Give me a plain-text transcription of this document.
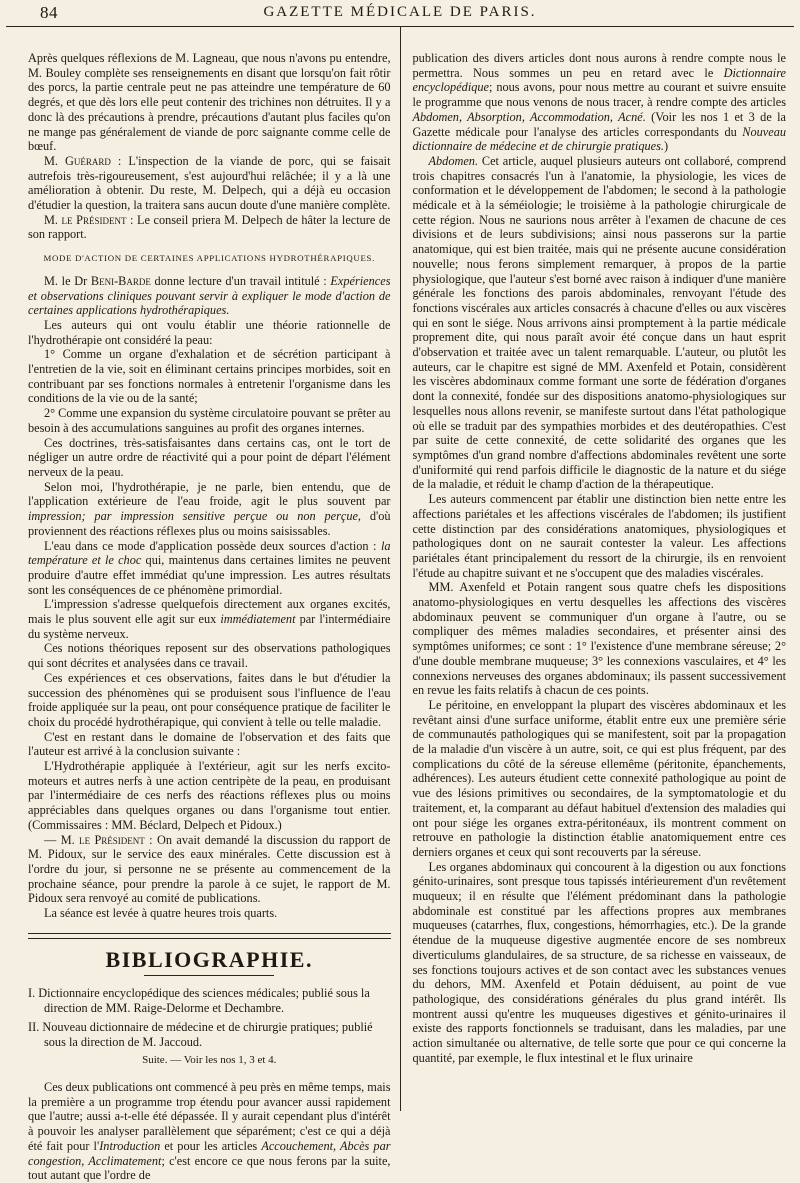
84	GAZETTE MÉDICALE DE PARIS.

Après quelques réflexions de M. Lagneau, que nous n'avons pu entendre, M. Bouley complète ses renseignements en disant que lorsqu'on fait rôtir des porcs, la partie centrale peut ne pas atteindre une température de 60 degrés, et que dès lors elle peut contenir des trichines non détruites. Il y a donc là des précautions à prendre, précautions d'autant plus faciles qu'on ne mange pas généralement de viande de porc saignante comme celle de bœuf.

M. Guérard : L'inspection de la viande de porc, qui se faisait autrefois très-rigoureusement, s'est aujourd'hui relâchée; il y a là une amélioration à obtenir. Du reste, M. Delpech, qui a déjà eu occasion d'étudier la question, la traitera sans aucun doute d'une manière complète.

M. le Président : Le conseil priera M. Delpech de hâter la lecture de son rapport.

MODE D'ACTION DE CERTAINES APPLICATIONS HYDROTHÉRAPIQUES.

M. le Dr Beni-Barde donne lecture d'un travail intitulé : Expériences et observations cliniques pouvant servir à expliquer le mode d'action de certaines applications hydrothérapiques.

Les auteurs qui ont voulu établir une théorie rationnelle de l'hydrothérapie ont considéré la peau:

1° Comme un organe d'exhalation et de sécrétion participant à l'entretien de la vie, soit en éliminant certains principes morbides, soit en contribuant par ses fonctions normales à entretenir l'organisme dans les conditions de la vie ou de la santé;

2° Comme une expansion du système circulatoire pouvant se prêter au besoin à des accumulations sanguines au profit des organes internes.

Ces doctrines, très-satisfaisantes dans certains cas, ont le tort de négliger un autre ordre de réactivité qui a pour point de départ l'élément nerveux de la peau.

Selon moi, l'hydrothérapie, je ne parle, bien entendu, que de l'application extérieure de l'eau froide, agit le plus souvent par impression; par impression sensitive perçue ou non perçue, d'où proviennent des réactions réflexes plus ou moins saisissables.

L'eau dans ce mode d'application possède deux sources d'action : la température et le choc qui, maintenus dans certaines limites ne peuvent produire d'autre effet immédiat qu'une impression. Les autres résultats sont les conséquences de ce phénomène primordial.

L'impression s'adresse quelquefois directement aux organes excités, mais le plus souvent elle agit sur eux immédiatement par l'intermédiaire du système nerveux.

Ces notions théoriques reposent sur des observations pathologiques qui sont décrites et analysées dans ce travail.

Ces expériences et ces observations, faites dans le but d'étudier la succession des phénomènes qui se produisent sous l'influence de l'eau froide appliquée sur la peau, ont pour conséquence pratique de faciliter le choix du procédé hydrothérapique, qui convient à telle ou telle maladie.

C'est en restant dans le domaine de l'observation et des faits que l'auteur est arrivé à la conclusion suivante :

L'Hydrothérapie appliquée à l'extérieur, agit sur les nerfs excito-moteurs et autres nerfs à une action centripète de la peau, en produisant par l'intermédiaire de ces nerfs des réactions réflexes plus ou moins appréciables dans quelques organes ou dans l'organisme tout entier. (Commissaires : MM. Béclard, Delpech et Pidoux.)

— M. le Président : On avait demandé la discussion du rapport de M. Pidoux, sur le service des eaux minérales. Cette discussion est à l'ordre du jour, si personne ne se présente au commencement de la prochaine séance, pour prendre la parole à ce sujet, le rapport de M. Pidoux sera renvoyé au comité de publications.

La séance est levée à quatre heures trois quarts.

BIBLIOGRAPHIE.

I. Dictionnaire encyclopédique des sciences médicales; publié sous la direction de MM. Raige-Delorme et Dechambre.

II. Nouveau dictionnaire de médecine et de chirurgie pratiques; publié sous la direction de M. Jaccoud.

Suite. — Voir les nos 1, 3 et 4.

Ces deux publications ont commencé à peu près en même temps, mais la première a un programme trop étendu pour avancer aussi rapidement que l'autre; aussi a-t-elle été dépassée. Il y aurait cependant plus d'intérêt à pouvoir les analyser parallèlement que séparément; c'est ce qui a déjà été fait pour l'Introduction et pour les articles Accouchement, Abcès par congestion, Acclimatement; c'est encore ce que nous ferons par la suite, tout autant que l'ordre de

publication des divers articles dont nous aurons à rendre compte nous le permettra. Nous sommes un peu en retard avec le Dictionnaire encyclopédique; nous avons, pour nous mettre au courant et suivre ensuite le programme que nous venons de nous tracer, à rendre compte des articles Abdomen, Absorption, Accommodation, Acné. (Voir les nos 1 et 3 de la Gazette médicale pour l'analyse des articles correspondants du Nouveau dictionnaire de médecine et de chirurgie pratiques.)

Abdomen. Cet article, auquel plusieurs auteurs ont collaboré, comprend trois chapitres consacrés l'un à l'anatomie, la physiologie, les vices de conformation et le développement de l'abdomen; le second à la pathologie médicale et à la séméiologie; le troisième à la pathologie chirurgicale de cette région. Nous ne saurions nous arrêter à l'examen de chacune de ces divisions et de leurs subdivisions; ainsi nous passerons sur la partie anatomique, qui est bien traitée, mais qui ne présente aucune considération nouvelle; nous ferons simplement remarquer, à propos de la partie physiologique, que l'auteur s'est borné avec raison à indiquer d'une manière générale les fonctions des parois abdominales, renvoyant l'étude des fonctions viscérales aux articles consacrés à chacune d'elles ou aux viscères qui en sont le siége. Nous arrivons ainsi promptement à la partie médicale proprement dite, qui nous paraît avoir été conçue dans un haut esprit d'observation et traitée avec un talent remarquable. L'auteur, ou plutôt les auteurs, car le chapitre est signé de MM. Axenfeld et Potain, considèrent les viscères abdominaux comme formant une sorte de fédération d'organes dont la connexité, fondée sur des dispositions anatomo-physiologiques sur lesquelles nous allons revenir, se manifeste surtout dans l'état pathologique où elle se traduit par des sympathies morbides et des deutéropathies. C'est par suite de cette connexité, de cette solidarité des organes que les symptômes d'un grand nombre d'affections abdominales revêtent une sorte d'uniformité qui rend parfois difficile le diagnostic de la nature et du siége de la maladie, et réduit le champ d'action de la thérapeutique.

Les auteurs commencent par établir une distinction bien nette entre les affections pariétales et les affections viscérales de l'abdomen; ils justifient cette distinction par des considérations anatomiques, physiologiques et pathologiques dont on ne saurait contester la valeur. Les affections pariétales étant principalement du ressort de la chirurgie, ils en renvoient l'étude au chapitre suivant et ne s'occupent que des maladies viscérales.

MM. Axenfeld et Potain rangent sous quatre chefs les dispositions anatomo-physiologiques en vertu desquelles les affections des viscères abdominaux peuvent se communiquer d'un organe à l'autre, ou se compliquer des mêmes maladies secondaires, et présenter ainsi des symptômes uniformes; ce sont : 1° l'existence d'une membrane séreuse; 2° d'une double membrane muqueuse; 3° les connexions vasculaires, et 4° les connexions nerveuses des organes abdominaux; ils passent successivement en revue les faits relatifs à chacun de ces points.

Le péritoine, en enveloppant la plupart des viscères abdominaux et les revêtant ainsi d'une surface uniforme, établit entre eux une première série de communautés pathologiques qui se manifestent, soit par la propagation de la maladie d'un viscère à un autre, soit, ce qui est plus fréquent, par des complications du côté de la séreuse ellemême (péritonite, épanchements, adhérences). Les auteurs étudient cette connexité pathologique au point de vue des lésions primitives ou secondaires, de la symptomatologie et du traitement, et, la comparant au défaut habituel d'extension des maladies qui ont pour siége les organes extra-péritonéaux, ils montrent comment on retrouve en pathologie la distinction établie anatomiquement entre ces derniers organes et ceux qui sont recouverts par la séreuse.

Les organes abdominaux qui concourent à la digestion ou aux fonctions génito-urinaires, sont presque tous tapissés intérieurement d'un revêtement muqueux; il en résulte que l'élément prédominant dans la pathologie abdominale est constitué par les affections propres aux membranes muqueuses (catarrhes, flux, congestions, hémorrhagies, etc.). De la grande étendue de la muqueuse digestive augmentée encore de ses nombreux diverticulums glandulaires, de sa structure, de sa richesse en vaisseaux, de ses fonctions toujours actives et de son contact avec les substances venues du dehors, MM. Axenfeld et Potain déduisent, au point de vue pathologique, des considérations générales du plus grand intérêt. Ils montrent aussi qu'entre les muqueuses digestives et génito-urinaires il existe des rapports fonctionnels se traduisant, dans les maladies, par une action simultanée ou alternative, de telle sorte que pour ce qui concerne la quantité, par exemple, le flux intestinal et le flux urinaire
